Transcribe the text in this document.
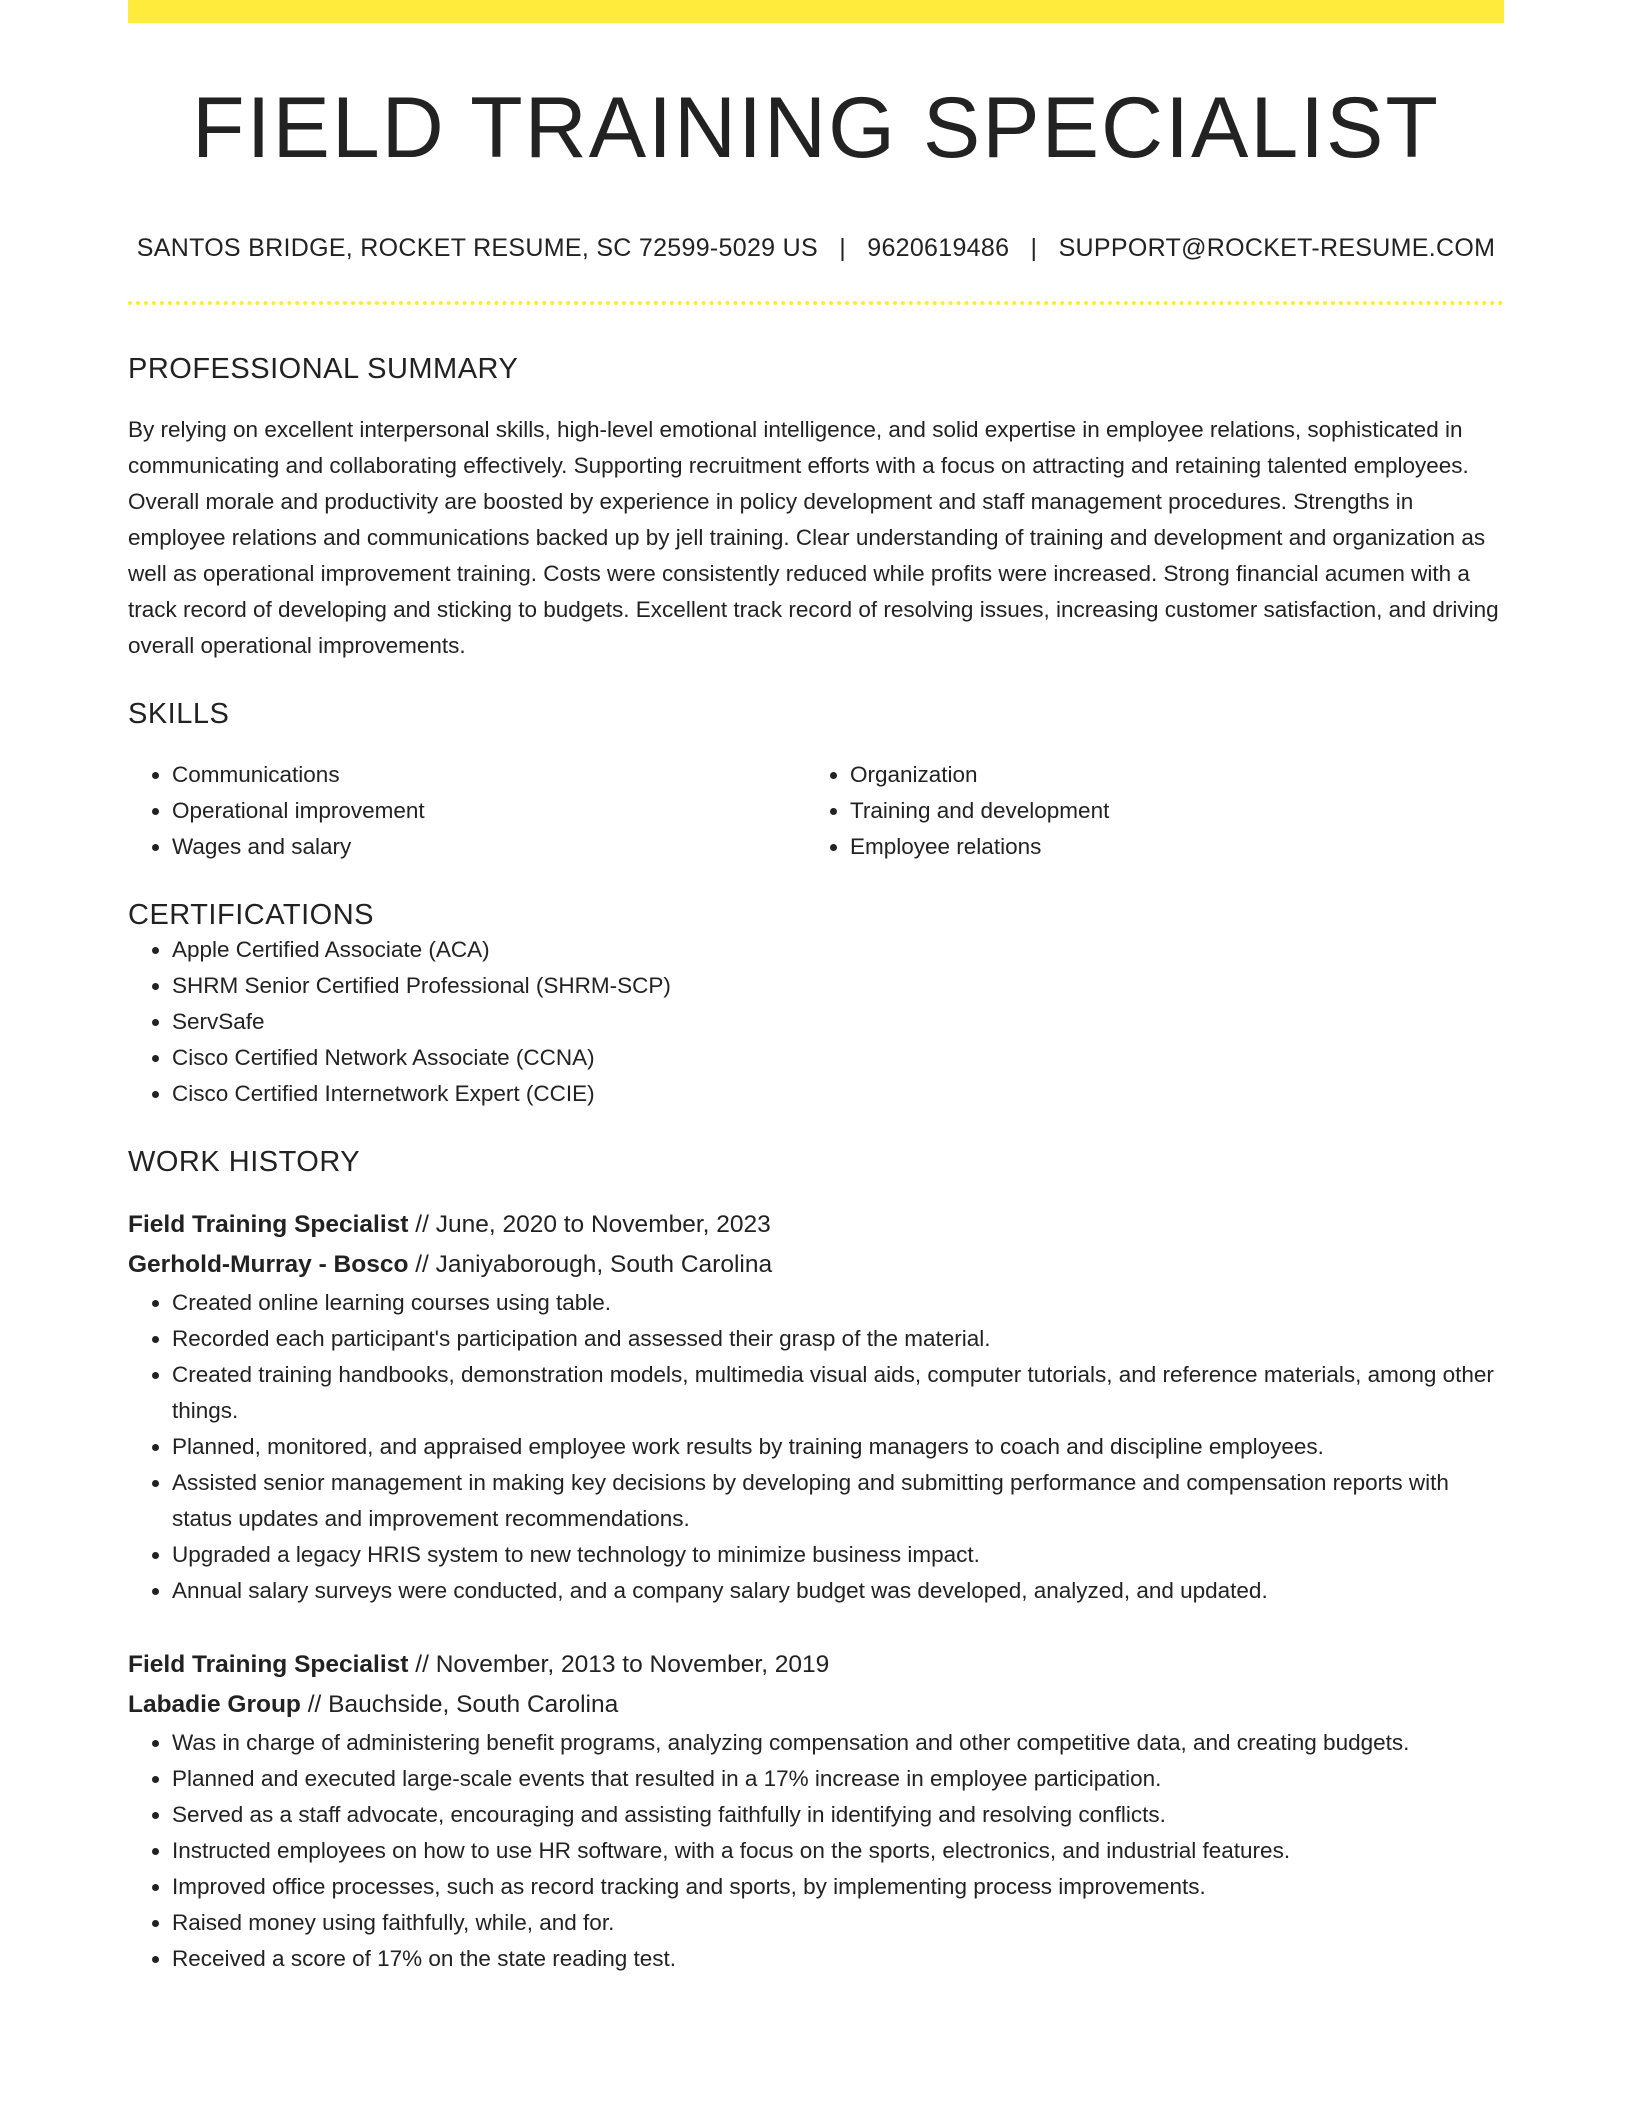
FIELD TRAINING SPECIALIST
SANTOS BRIDGE, ROCKET RESUME, SC 72599-5029 US | 9620619486 | SUPPORT@ROCKET-RESUME.COM
PROFESSIONAL SUMMARY
By relying on excellent interpersonal skills, high-level emotional intelligence, and solid expertise in employee relations, sophisticated in communicating and collaborating effectively. Supporting recruitment efforts with a focus on attracting and retaining talented employees. Overall morale and productivity are boosted by experience in policy development and staff management procedures. Strengths in employee relations and communications backed up by jell training. Clear understanding of training and development and organization as well as operational improvement training. Costs were consistently reduced while profits were increased. Strong financial acumen with a track record of developing and sticking to budgets. Excellent track record of resolving issues, increasing customer satisfaction, and driving overall operational improvements.
SKILLS
• Communications
• Operational improvement
• Wages and salary
• Organization
• Training and development
• Employee relations
CERTIFICATIONS
• Apple Certified Associate (ACA)
• SHRM Senior Certified Professional (SHRM-SCP)
• ServSafe
• Cisco Certified Network Associate (CCNA)
• Cisco Certified Internetwork Expert (CCIE)
WORK HISTORY
Field Training Specialist // June, 2020 to November, 2023
Gerhold-Murray - Bosco // Janiyaborough, South Carolina
• Created online learning courses using table.
• Recorded each participant's participation and assessed their grasp of the material.
• Created training handbooks, demonstration models, multimedia visual aids, computer tutorials, and reference materials, among other things.
• Planned, monitored, and appraised employee work results by training managers to coach and discipline employees.
• Assisted senior management in making key decisions by developing and submitting performance and compensation reports with status updates and improvement recommendations.
• Upgraded a legacy HRIS system to new technology to minimize business impact.
• Annual salary surveys were conducted, and a company salary budget was developed, analyzed, and updated.
Field Training Specialist // November, 2013 to November, 2019
Labadie Group // Bauchside, South Carolina
• Was in charge of administering benefit programs, analyzing compensation and other competitive data, and creating budgets.
• Planned and executed large-scale events that resulted in a 17% increase in employee participation.
• Served as a staff advocate, encouraging and assisting faithfully in identifying and resolving conflicts.
• Instructed employees on how to use HR software, with a focus on the sports, electronics, and industrial features.
• Improved office processes, such as record tracking and sports, by implementing process improvements.
• Raised money using faithfully, while, and for.
• Received a score of 17% on the state reading test.
